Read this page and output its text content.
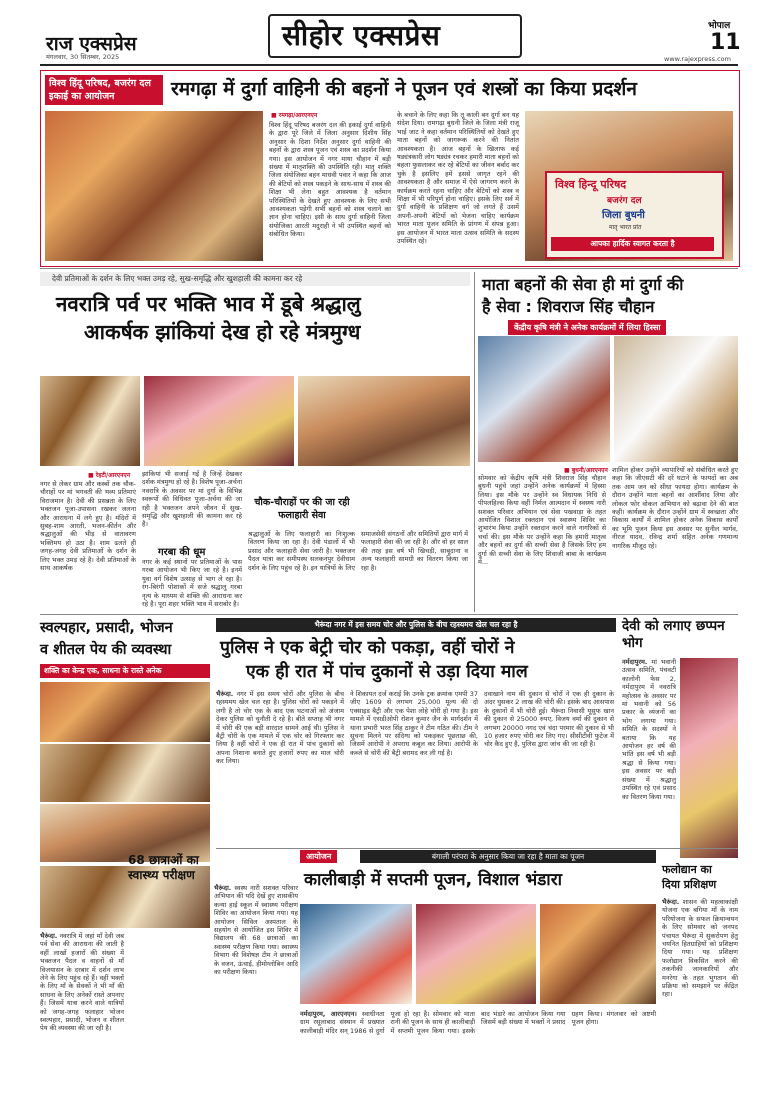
राज एक्सप्रेस
मंगलवार, 30 सितम्बर, 2025
सीहोर एक्सप्रेस	भोपाल
11
www.rajexpress.com
विश्व हिंदू परिषद, बजरंग दल इकाई का आयोजन	रमगढ़ा में दुर्गा वाहिनी की बहनों ने पूजन एवं शस्त्रों का किया प्रदर्शन
■ रमगढ़ा/आरएनएन
विश्व हिंदू परिषद बजरंग दल की इकाई दुर्गा वाहिनी के द्वारा पूरे जिले में जिला अनुसार दिशीय सिंह अनुसार के दिशा निर्देश अनुसार दुर्गा वाहिनी की बहनों के द्वारा शस्त्र पूजन एवं शस्त्र का प्रदर्शन किया गया। इस आयोजन में नगर माया चौहान में बड़ी संख्या में मातृशक्ति की उपस्थिति रही। मातृ शक्ति जिला संयोजिका बहन माधवी पवार ने कहा कि आज की बेटियों को शस्त्र पकड़ने के साथ-साथ में शस्त्र की शिक्षा भी लेना बहुत आवश्यक है वर्तमान परिस्थितियों के देखते हुए आवश्यक के लिए सभी आवश्यकता पड़ेगी सभी बहनों को शस्त्र चलाने का ज्ञान होना चाहिए। इसी के साथ दुर्गा वाहिनी जिला संयोजिका आरती मदुराही ने भी उपस्थित बहनों को संबोधित किया।
के बचाने के लिए कहा कि तू काली बन दुर्गा बन यह संदेश दिया। रामगढ़ा बुधनी जिले के जिला मंत्री राजू भाई जाट ने कहा वर्तमान परिस्थितियों को देखते हुए माता बहनों को जागरूक करने की नितांत आवश्यकता है। आज बहनों के खिलाफ कई षड्यंत्रकारी लोग षड्यंत्र रचकर हमारी माता बहनों को बहला फुसलाकर कर रहे बेटियों का जीवन बर्बाद कर चुके है इसलिए हमें इससे जागृत रहने की आवश्यकता है और समाज में ऐसे जागरण करने के कार्यक्रम करते रहना चाहिए और बेटियों को शस्त्र व शिक्षा में भी परिपूर्ण होना चाहिए। इसके लिए सर्व में दुर्गा वाहिनी के प्रशिक्षण वर्ग जो लगते हैं उसमें अपनी-अपनी बेटियों को भेजना चाहिए कार्यक्रम भारत माता पूजन समिति के प्रांगण में संपन्न हुआ। इस आयोजन में भारत माता उत्सव समिति के सदस्य उपस्थित रहे।
विश्व हिन्दू परिषद
बजरंग दल
जिला बुधनी
मातृ भारत प्रांत
आपका हार्दिक स्वागत करता है
देवी प्रतिमाओं के दर्शन के लिए भक्त उमड़ रहे, सुख-समृद्धि और खुशहाली की कामना कर रहे
नवरात्रि पर्व पर भक्ति भाव में डूबे श्रद्धालु
आकर्षक झांकियां देख हो रहे मंत्रमुग्ध
■ रेहटी/आरएनएन
नगर से लेकर ग्राम और कस्बों तक चौक-चौराहों पर मां भगवती की भव्य प्रतिमाएं विराजमान है। देवी की प्रसन्नता के लिए भक्तजन पूजा-उपासना रखकर जलना और आराधना में लगे हुए है। मंदिरों में सुबह-शाम आरती, भजन-कीर्तन और श्रद्धालुओं की भीड़ से वातावरण भक्तिमय हो उठा है। शाम ढलते ही जगह-जगह देवी प्रतिमाओं के दर्शन के लिए भक्त उमड़ रहे है। देवी प्रतिमाओं के साथ आकर्षक
झांकियां भी सजाई गई है जिन्हें देखकर दर्शक मंत्रमुग्ध हो रहे है। विशेष पूजा-अर्चना नवरात्रि के अवसर पर मां दुर्गा के विभिन्न स्वरूपों की विधिवत पूजा-अर्चना की जा रही है भक्तजन अपने जीवन में सुख-समृद्धि और खुशहाली की कामना कर रहे है।
गरबा की धूम
नगर के कई स्थानों पर प्रतिमाओं के पास गरबा आयोजन भी किए जा रहे है। इनमें युवा वर्ग विशेष उत्साह से भाग ले रहा है। रंग-बिरंगी पोशाकों में सजे श्रद्धालु गरबा नृत्य के माध्यम से शक्ति की आराधना कर रहे है। पूरा शहर भक्ति भाव में सराबोर है।
श्रद्धालुओं के लिए फलाहारी का निःशुल्क वितरण किया जा रहा है। देवी पंडालों में भी प्रसाद और फलाहारी सेवा जारी है। भक्तजन पैदल यात्रा कर समीपस्थ सलकनपुर देवीधाम दर्शन के लिए पहुंच रहे है। इन यात्रियों के लिए समाजसेवी संगठनों और समितियों द्वारा मार्ग में फलाहारी सेवा की जा रही है। और वो हर साल की तरह इस वर्ष भी खिचड़ी, साबूदाना व अन्य फलाहारी सामग्री का वितरण किया जा रहा है।
चौक-चौराहों पर की जा रही फलाहारी सेवा
माता बहनों की सेवा ही मां दुर्गा की
है सेवा : शिवराज सिंह चौहान
केंद्रीय कृषि मंत्री ने अनेक कार्यक्रमों में लिया हिस्सा
■ बुधनी/आरएनएन
सोमवार को केंद्रीय कृषि मंत्री शिवराज सिंह चौहान बुधनी पहुंचे जहां उन्होंने अनेक कार्यक्रमों में हिस्सा लिया। इस मौके पर उन्होंने स्व विधायक निधि से पीपलहिल्स किया वहीं निर्मल आत्मदान में स्वस्थ्य नारी सशक्त परिवार अभियान एवं सेवा पखवाड़ा के तहत आयोजित विशाल रक्तदान एवं स्वास्थ्य शिविर का शुभारंभ किया उन्होंने रक्तदान करने वाले नागरिकों से चर्चा की। इस मौके पर उन्होंने कहा कि हमारी मातृत्व और बहनों का दुर्गा की सच्ची सेवा है जिसके लिए हम दुर्गा की सच्ची सेवा के लिए शिवाजी बाबा के कार्यक्रम में...
शामिल होकर उन्होंने व्यापारियों को संबोधित करते हुए कहा कि जीएसटी की दरें घटाने के फायदों का अब तक आम जन को सीधा फायदा होगा। कार्यक्रम के दौरान उन्होंने माता बहनों का आर्शीवाद लिया और लोकल फोर वोकल अभियान को बढ़ावा देने की बात कही। कार्यक्रम के दौरान उन्होंने ग्राम में स्वच्छता और विकास कार्यों में शामिल होकर अनेक विकास कार्यों का भूमि पूजन किया इस अवसर पर सुनील भार्गव, नीरज यादव, रविन्द्र शर्मा सहित अनेक गणमान्य नागरिक मौजूद रहे।
स्वल्पहार, प्रसादी, भोजन
व शीतल पेय की व्यवस्था
शक्ति का केन्द्र एक, साधना के रास्ते अनेक
भैरूंदा. नवरात्रि में जहां माँ देवी जब पर्व सेवा की आराधना की जाती है वहीं लाखों हजारों की संख्या में भक्तजन पैदल व वाहनों से माँ विजयासन के दरबार में दर्शन लाभ लेने के लिए पहुंच रहे हैं। वहीं भक्तों के लिए माँ के सेवकों ने भी माँ की साधना के लिए अनेकों रास्ते अपनाए हैं। जिसमें यात्रा करने वाले यात्रियों को जगह-जगह फलाहार भोजन स्वल्पहार, प्रसादी, भोजन व शीतल पेय की व्यवस्था की जा रही है।
भैरूंदा नगर में इस समय चोर और पुलिस के बीच रहस्यमय खेल चल रहा है
पुलिस ने एक बेट्री चोर को पकड़ा, वहीं चोरों ने
एक ही रात में पांच दुकानों से उड़ा दिया माल
भैरूंदा. नगर में इस समय चोरों और पुलिस के बीच रहस्यमय खेल चल रहा है। पुलिस चोरों को पकड़ने में लगी है तो चोर एक के बाद एक घटनाओं को अंजाम देकर पुलिस को चुनौती दे रहे है। बीते सप्ताह भी नगर में चोरी की एक बड़ी वारदात सामने आई थी। पुलिस ने बैट्री चोरी के एक मामले में एक चोर को गिरफ्तार कर लिया है वहीं चोरों ने एक ही रात में पांच दुकानों को अपना निशाना बनाते हुए हजारों रुपए का माल चोरी कर लिया।
ने शिकायत दर्ज कराई कि उनके ट्रक क्रमांक एमपी 37 जीए 1609 से लगभग 25,000 मूल्य की दो एक्साइड बैट्री और एक पेशा लोहे चोरी हो गया है। इस मामले में एसडीओपी रोशन कुमार जैन के मार्गदर्शन में थाना प्रभारी भरत सिंह ठाकुर ने टीम गठित की। टीम ने सूचना मिलने पर संदिग्ध को पकड़कर पूछताछ की, जिसमें आरोपी ने अपराध कबूल कर लिया। आरोपी के कब्जे से चोरी की बैट्री बरामद कर ली गई है।
दवाखाने नाम की दुकान से चोरों ने एक ही दुकान के अंदर घुसकर 2 लाख की चोरी की। इसके बाद आसपास के दुकानों में भी चोरी हुई। भैरूंदा निवासी यूसुफ खान की दुकान से 25000 रुपए, विजय वर्मा की दुकान से लगभग 20000 नगद एवं चंदा परमार की दुकान से भी 10 हजार रुपए चोरी कर लिए गए। सीसीटीवी फुटेज में चोर कैद हुए है, पुलिस द्वारा जांच की जा रही है।
देवी को लगाए छप्पन भोग
नर्मदापुरम. मां भवानी उत्सव समिति, पंचवटी कालोनी फेस 2, नर्मदापुरम में नवरात्रि महोत्सव के अवसर पर मां भवानी को 56 प्रकार के व्यंजनों का भोग लगाया गया। समिति के सदस्यों ने बताया कि यह आयोजन हर वर्ष की भांति इस वर्ष भी बड़ी श्रद्धा से किया गया। इस अवसर पर बड़ी संख्या में श्रद्धालु उपस्थित रहे एवं प्रसाद का वितरण किया गया।
68 छात्राओं का
स्वास्थ्य परीक्षण
भैरूंदा. स्वस्थ नारी सशक्त परिवार अभियान की यदि देखें हुए शासकीय कन्या हाई स्कूल में स्वास्थ्य परीक्षण शिविर का आयोजन किया गया। यह आयोजन सिविल अस्पताल के सहयोग से आयोजित इस शिविर में विद्यालय की 68 छात्राओं का स्वास्थ्य परीक्षण किया गया। स्वास्थ्य विभाग की विशेषज्ञ टीम ने छात्राओं के वजन, ऊंचाई, हीमोग्लोबिन आदि का परीक्षण किया।
आयोजन	बंगाली परंपरा के अनुसार किया जा रहा है माता का पूजन
कालीबाड़ी में सप्तमी पूजन, विशाल भंडारा
नर्मदापुरम, आरएनएन। स्वाधीनता ग्राम रसूलाबाद संस्थान में प्रख्यात कालीबाड़ी मंदिर सन् 1986 से दुर्गा पूजा हो रहा है। सोमवार को माता रानी की पूजन के साथ ही कालीबाड़ी में सप्तमी पूजन किया गया। इसके बाद भंडारे का आयोजन किया गया जिसमें बड़ी संख्या में भक्तों ने प्रसाद ग्रहण किया। मंगलवार को अष्टमी पूजन होगा।
फलोद्यान का
दिया प्रशिक्षण
भैरूंदा. शासन की महत्वाकांक्षी योजना एक बगिया माँ के नाम परियोजना के सफल क्रियान्वयन के लिए सोमवार को जनपद पंचायत भैरूंदा में सुकरोपण हेतु चयनित हितग्राहियों को प्रशिक्षण दिया गया। यह प्रशिक्षण फलोद्यान विकसित करने की तकनीकी जानकारियों और मनरेगा के तहत भुगतान की प्रक्रिया को समझाने पर केंद्रित रहा।
